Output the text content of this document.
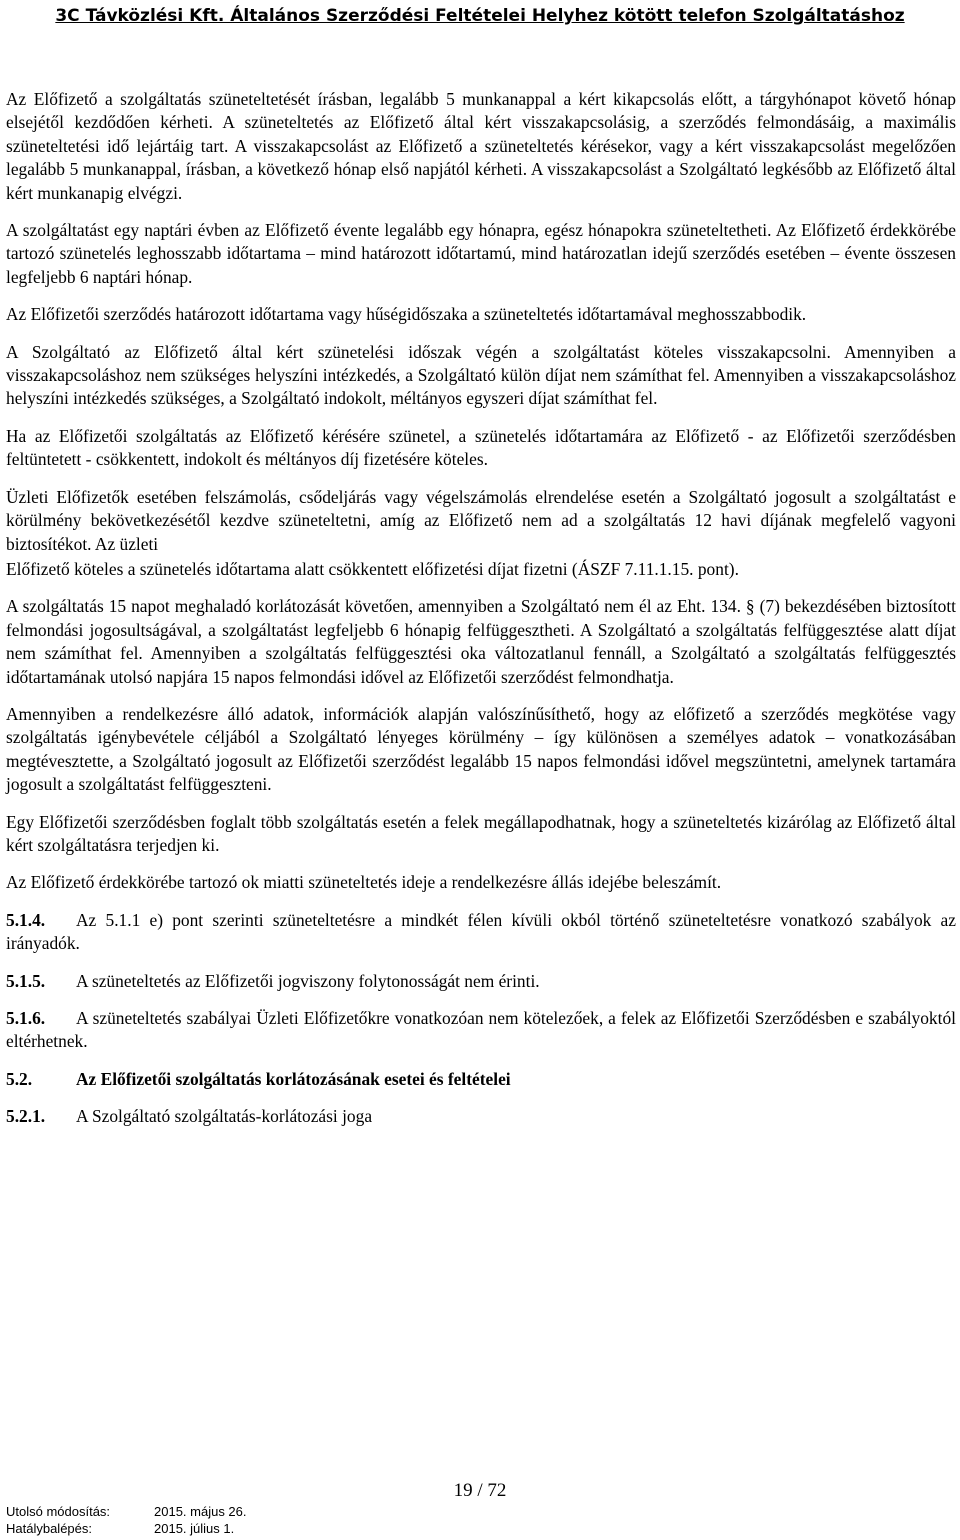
3C Távközlési Kft. Általános Szerződési Feltételei Helyhez kötött telefon Szolgáltatáshoz

Az Előfizető a szolgáltatás szüneteltetését írásban, legalább 5 munkanappal a kért kikapcsolás előtt, a tárgyhónapot követő hónap elsejétől kezdődően kérheti. A szüneteltetés az Előfizető által kért visszakapcsolásig, a szerződés felmondásáig, a maximális szüneteltetési idő lejártáig tart. A visszakapcsolást az Előfizető a szüneteltetés kérésekor, vagy a kért visszakapcsolást megelőzően legalább 5 munkanappal, írásban, a következő hónap első napjától kérheti. A visszakapcsolást a Szolgáltató legkésőbb az Előfizető által kért munkanapig elvégzi.

A szolgáltatást egy naptári évben az Előfizető évente legalább egy hónapra, egész hónapokra szüneteltetheti. Az Előfizető érdekkörébe tartozó szünetelés leghosszabb időtartama – mind határozott időtartamú, mind határozatlan idejű szerződés esetében – évente összesen legfeljebb 6 naptári hónap.

Az Előfizetői szerződés határozott időtartama vagy hűségidőszaka a szüneteltetés időtartamával meghosszabbodik.

A Szolgáltató az Előfizető által kért szünetelési időszak végén a szolgáltatást köteles visszakapcsolni. Amennyiben a visszakapcsoláshoz nem szükséges helyszíni intézkedés, a Szolgáltató külön díjat nem számíthat fel. Amennyiben a visszakapcsoláshoz helyszíni intézkedés szükséges, a Szolgáltató indokolt, méltányos egyszeri díjat számíthat fel.

Ha az Előfizetői szolgáltatás az Előfizető kérésére szünetel, a szünetelés időtartamára az Előfizető - az Előfizetői szerződésben feltüntetett - csökkentett, indokolt és méltányos díj fizetésére köteles.

Üzleti Előfizetők esetében felszámolás, csődeljárás vagy végelszámolás elrendelése esetén a Szolgáltató jogosult a szolgáltatást e körülmény bekövetkezésétől kezdve szüneteltetni, amíg az Előfizető nem ad a szolgáltatás 12 havi díjának megfelelő vagyoni biztosítékot. Az üzleti

Előfizető köteles a szünetelés időtartama alatt csökkentett előfizetési díjat fizetni (ÁSZF 7.11.1.15. pont).

A szolgáltatás 15 napot meghaladó korlátozását követően, amennyiben a Szolgáltató nem él az Eht. 134. § (7) bekezdésében biztosított felmondási jogosultságával, a szolgáltatást legfeljebb 6 hónapig felfüggesztheti. A Szolgáltató a szolgáltatás felfüggesztése alatt díjat nem számíthat fel. Amennyiben a szolgáltatás felfüggesztési oka változatlanul fennáll, a Szolgáltató a szolgáltatás felfüggesztés időtartamának utolsó napjára 15 napos felmondási idővel az Előfizetői szerződést felmondhatja.

Amennyiben a rendelkezésre álló adatok, információk alapján valószínűsíthető, hogy az előfizető a szerződés megkötése vagy szolgáltatás igénybevétele céljából a Szolgáltató lényeges körülmény – így különösen a személyes adatok – vonatkozásában megtévesztette, a Szolgáltató jogosult az Előfizetői szerződést legalább 15 napos felmondási idővel megszüntetni, amelynek tartamára jogosult a szolgáltatást felfüggeszteni.

Egy Előfizetői szerződésben foglalt több szolgáltatás esetén a felek megállapodhatnak, hogy a szüneteltetés kizárólag az Előfizető által kért szolgáltatásra terjedjen ki.

Az Előfizető érdekkörébe tartozó ok miatti szüneteltetés ideje a rendelkezésre állás idejébe beleszámít.

5.1.4. Az 5.1.1 e) pont szerinti szüneteltetésre a mindkét félen kívüli okból történő szüneteltetésre vonatkozó szabályok az irányadók.

5.1.5. A szüneteltetés az Előfizetői jogviszony folytonosságát nem érinti.

5.1.6. A szüneteltetés szabályai Üzleti Előfizetőkre vonatkozóan nem kötelezőek, a felek az Előfizetői Szerződésben e szabályoktól eltérhetnek.

5.2.	Az Előfizetői szolgáltatás korlátozásának esetei és feltételei

5.2.1. A Szolgáltató szolgáltatás-korlátozási joga

19 / 72
Utolsó módosítás:	2015. május 26.
Hatálybalépés:	2015. július 1.
